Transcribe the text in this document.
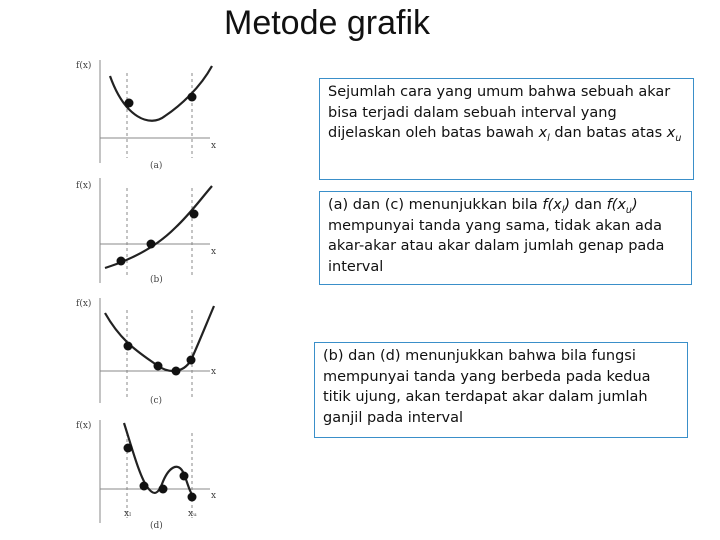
Metode grafik
Sejumlah cara yang umum bahwa sebuah akar bisa terjadi dalam sebuah interval yang dijelaskan oleh batas bawah $x_l$ dan batas atas $x_u$
(a) dan (c) menunjukkan bila $f(x_l)$ dan $f(x_u)$ mempunyai tanda yang sama, tidak akan ada akar-akar atau akar dalam jumlah genap pada interval
(b) dan (d) menunjukkan bahwa bila fungsi mempunyai tanda yang berbeda pada kedua titik ujung, akan terdapat akar dalam jumlah ganjil pada interval
f(x)
x
(a)
f(x)
x
(b)
f(x)
x
(c)
f(x)
x
xₗ	xᵤ
(d)
